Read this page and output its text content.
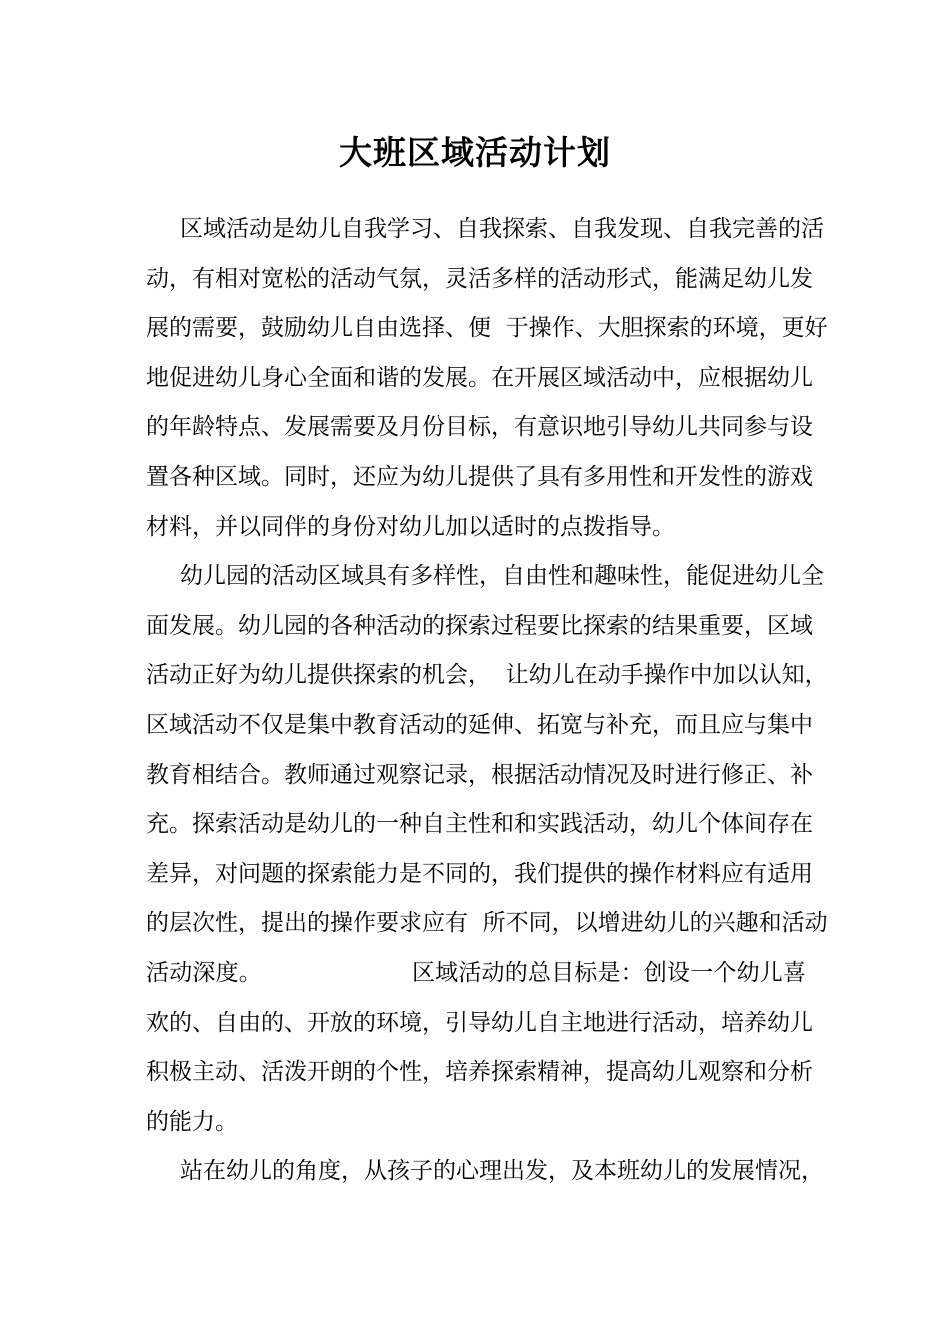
大班区域活动计划
区域活动是幼儿自我学习、自我探索、自我发现、自我完善的活
动，有相对宽松的活动气氛，灵活多样的活动形式，能满足幼儿发
展的需要，鼓励幼儿自由选择、便  于操作、大胆探索的环境，更好
地促进幼儿身心全面和谐的发展。在开展区域活动中，应根据幼儿
的年龄特点、发展需要及月份目标，有意识地引导幼儿共同参与设
置各种区域。同时，还应为幼儿提供了具有多用性和开发性的游戏
材料，并以同伴的身份对幼儿加以适时的点拨指导。
幼儿园的活动区域具有多样性，自由性和趣味性，能促进幼儿全
面发展。幼儿园的各种活动的探索过程要比探索的结果重要，区域
活动正好为幼儿提供探索的机会，  让幼儿在动手操作中加以认知，
区域活动不仅是集中教育活动的延伸、拓宽与补充，而且应与集中
教育相结合。教师通过观察记录，根据活动情况及时进行修正、补
充。探索活动是幼儿的一种自主性和和实践活动，幼儿个体间存在
差异，对问题的探索能力是不同的，我们提供的操作材料应有适用
的层次性，提出的操作要求应有  所不同，以增进幼儿的兴趣和活动
活动深度。                    区域活动的总目标是：创设一个幼儿喜
欢的、自由的、开放的环境，引导幼儿自主地进行活动，培养幼儿
积极主动、活泼开朗的个性，培养探索精神，提高幼儿观察和分析
的能力。
站在幼儿的角度，从孩子的心理出发，及本班幼儿的发展情况，
